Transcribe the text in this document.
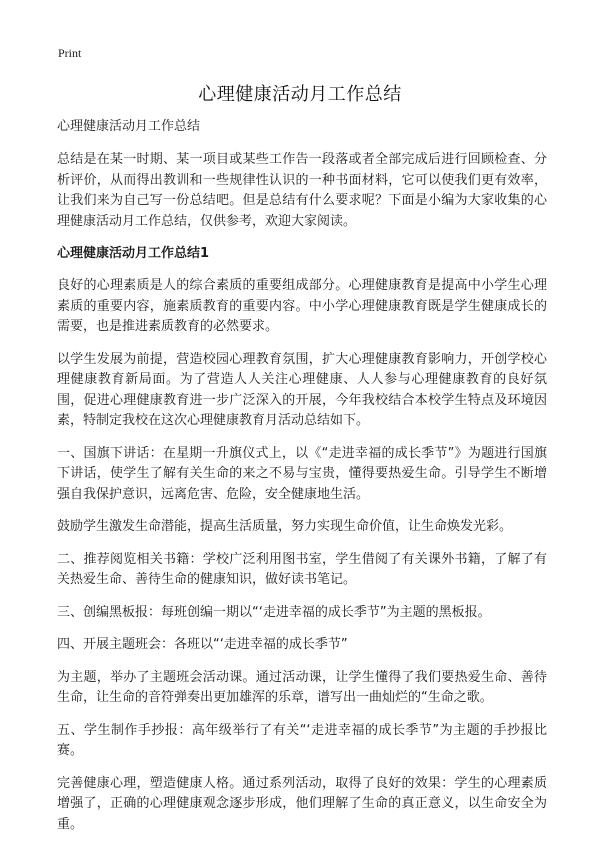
Print
心理健康活动月工作总结
心理健康活动月工作总结

总结是在某一时期、某一项目或某些工作告一段落或者全部完成后进行回顾检查、分析评价，从而得出教训和一些规律性认识的一种书面材料，它可以使我们更有效率，让我们来为自己写一份总结吧。但是总结有什么要求呢？下面是小编为大家收集的心理健康活动月工作总结，仅供参考，欢迎大家阅读。

心理健康活动月工作总结1

良好的心理素质是人的综合素质的重要组成部分。心理健康教育是提高中小学生心理素质的重要内容，施素质教育的重要内容。中小学心理健康教育既是学生健康成长的需要，也是推进素质教育的必然要求。

以学生发展为前提，营造校园心理教育氛围，扩大心理健康教育影响力，开创学校心理健康教育新局面。为了营造人人关注心理健康、人人参与心理健康教育的良好氛围，促进心理健康教育进一步广泛深入的开展，今年我校结合本校学生特点及环境因素，特制定我校在这次心理健康教育月活动总结如下。

一、国旗下讲话：在星期一升旗仪式上，以《“走进幸福的成长季节”》为题进行国旗下讲话，使学生了解有关生命的来之不易与宝贵，懂得要热爱生命。引导学生不断增强自我保护意识，远离危害、危险，安全健康地生活。

鼓励学生激发生命潜能，提高生活质量，努力实现生命价值，让生命焕发光彩。

二、推荐阅览相关书籍：学校广泛利用图书室，学生借阅了有关课外书籍，了解了有关热爱生命、善待生命的健康知识，做好读书笔记。

三、创编黑板报：每班创编一期以“‘走进幸福的成长季节”为主题的黑板报。

四、开展主题班会：各班以“‘走进幸福的成长季节”

为主题，举办了主题班会活动课。通过活动课，让学生懂得了我们要热爱生命、善待生命，让生命的音符弹奏出更加雄浑的乐章，谱写出一曲灿烂的“生命之歌。

五、学生制作手抄报：高年级举行了有关“‘走进幸福的成长季节”为主题的手抄报比赛。

完善健康心理，塑造健康人格。通过系列活动，取得了良好的效果：学生的心理素质增强了，正确的心理健康观念逐步形成，他们理解了生命的真正意义，以生命安全为重。
